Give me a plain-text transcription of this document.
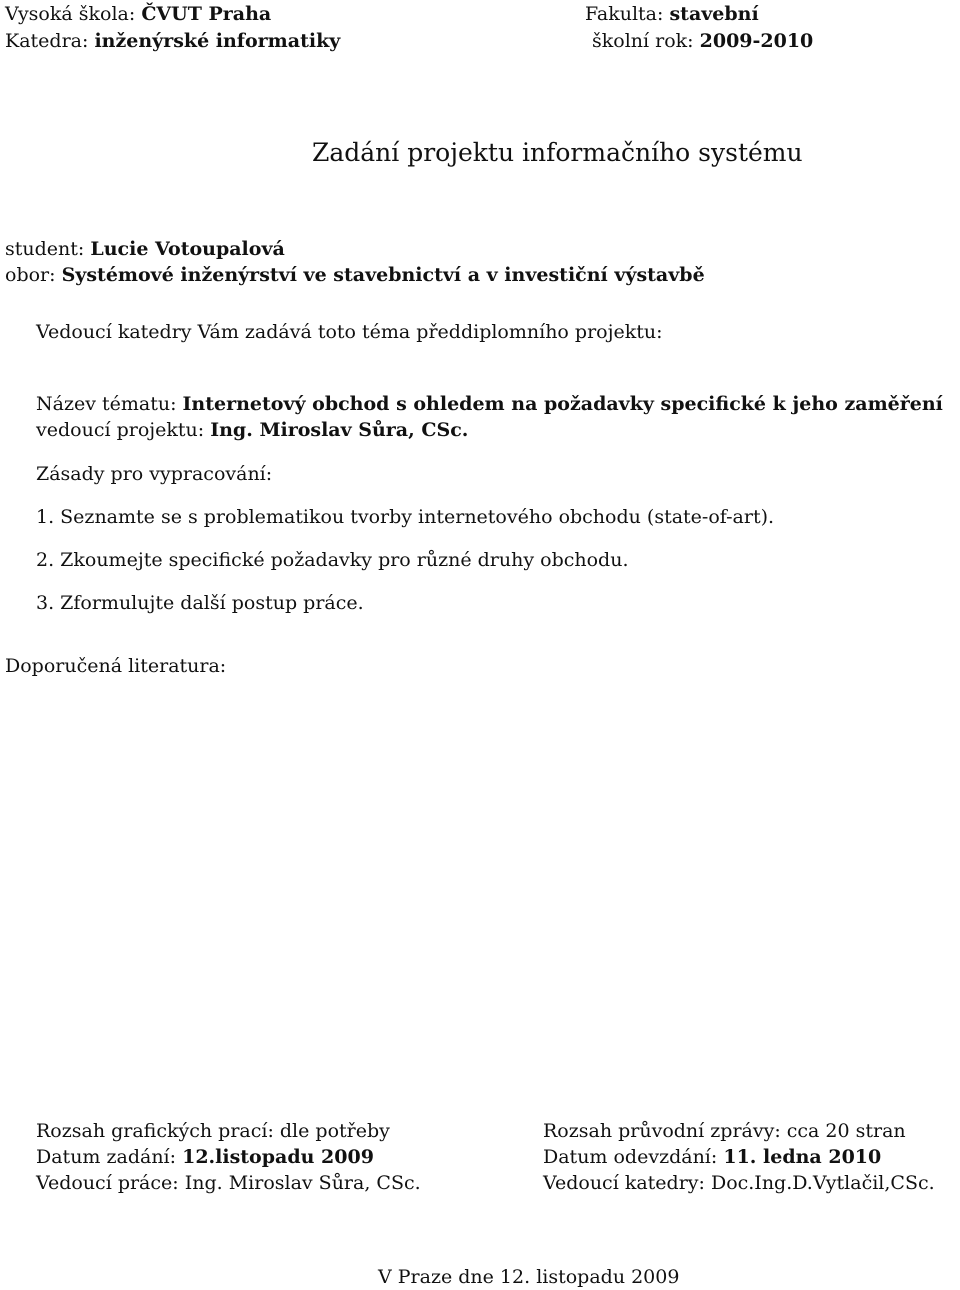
Vysoká škola: ČVUT Praha	Fakulta: stavební
Katedra: inženýrské informatiky	školní rok: 2009-2010
Zadání projektu informačního systému
student: Lucie Votoupalová
obor: Systémové inženýrství ve stavebnictví a v investiční výstavbě
Vedoucí katedry Vám zadává toto téma předdiplomního projektu:
Název tématu: Internetový obchod s ohledem na požadavky specifické k jeho zaměření
vedoucí projektu: Ing. Miroslav Sůra, CSc.
Zásady pro vypracování:
1. Seznamte se s problematikou tvorby internetového obchodu (state-of-art).
2. Zkoumejte specifické požadavky pro různé druhy obchodu.
3. Zformulujte další postup práce.
Doporučená literatura:
Rozsah grafických prací: dle potřeby
Datum zadání: 12.listopadu 2009
Vedoucí práce: Ing. Miroslav Sůra, CSc.
Rozsah průvodní zprávy: cca 20 stran
Datum odevzdání: 11. ledna 2010
Vedoucí katedry: Doc.Ing.D.Vytlačil,CSc.
V Praze dne 12. listopadu 2009
